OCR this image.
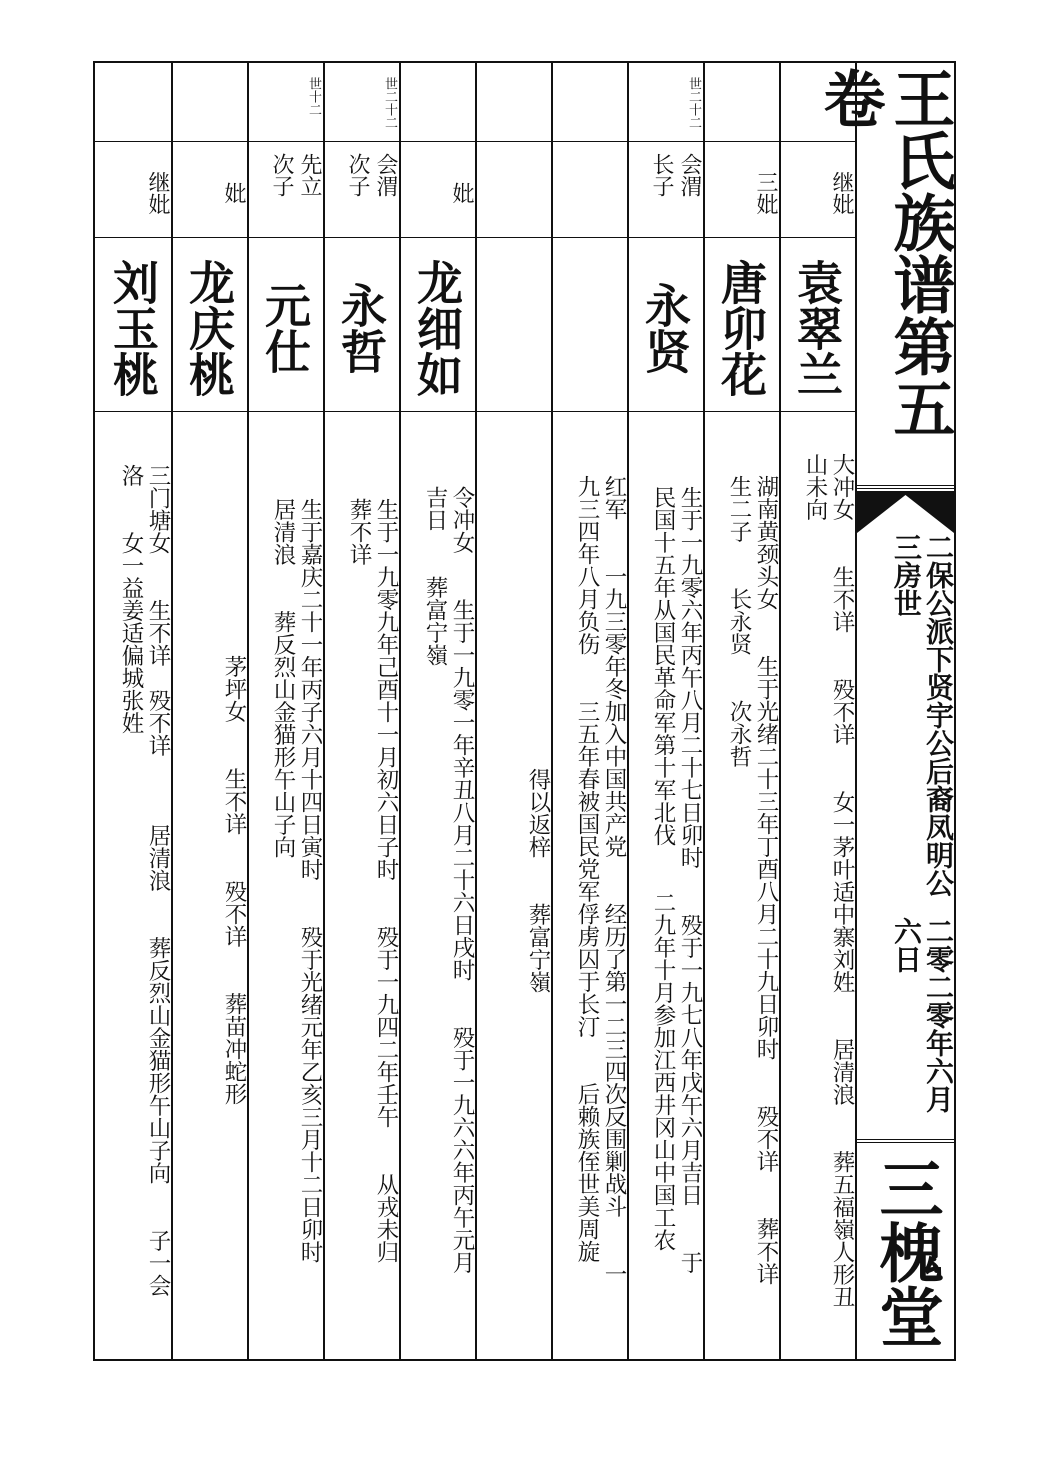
继妣
袁翠兰
大冲女　　生不详　　殁不详　　女一茅叶适中寨刘姓　　居清浪　　葬五福嶺人形丑
山未向
三妣
唐卯花
湖南黄颈头女　　生于光绪二十三年丁酉八月二十九日卯时　　殁不详　　葬不详
生二子　　长永贤　　次永哲
世二十二
会渭 长子
永贤
生于一九零六年丙午八月二十七日卯时　　殁于一九七八年戊午六月吉日　　于
民国十五年从国民革命军第十军北伐　　二九年十月参加江西井冈山中国工农
红军　　一九三零年冬加入中国共产党　　经历了第一二三四次反围剿战斗　　一
九三四年八月负伤　　三五年春被国民党军俘虏囚于长汀　　后赖族侄世美周旋
得以返梓　　葬富宁嶺
妣
龙细如
令冲女　　生于一九零一年辛丑八月二十六日戌时　　殁于一九六六年丙午元月
吉日　　葬富宁嶺
世二十二
会渭 次子
永哲
生于一九零九年己酉十一月初六日子时　　殁于一九四二年壬午　　从戎未归
葬不详
世十二
先立 次子
元仕
生于嘉庆二十一年丙子六月十四日寅时　　殁于光绪元年乙亥三月十二日卯时
居清浪　　葬反烈山金猫形午山子向
妣
龙庆桃
茅坪女　　生不详　　殁不详　　葬苗冲蛇形
继妣
刘玉桃
三门塘女　　生不详　殁不详　　　居清浪　　葬反烈山金猫形午山子向　　子一会
洛　　女一益姜适偏城张姓
王氏族谱第五卷
二保公派下贤宇公后裔凤明公三房世
二零二零年六月六日
三槐堂
